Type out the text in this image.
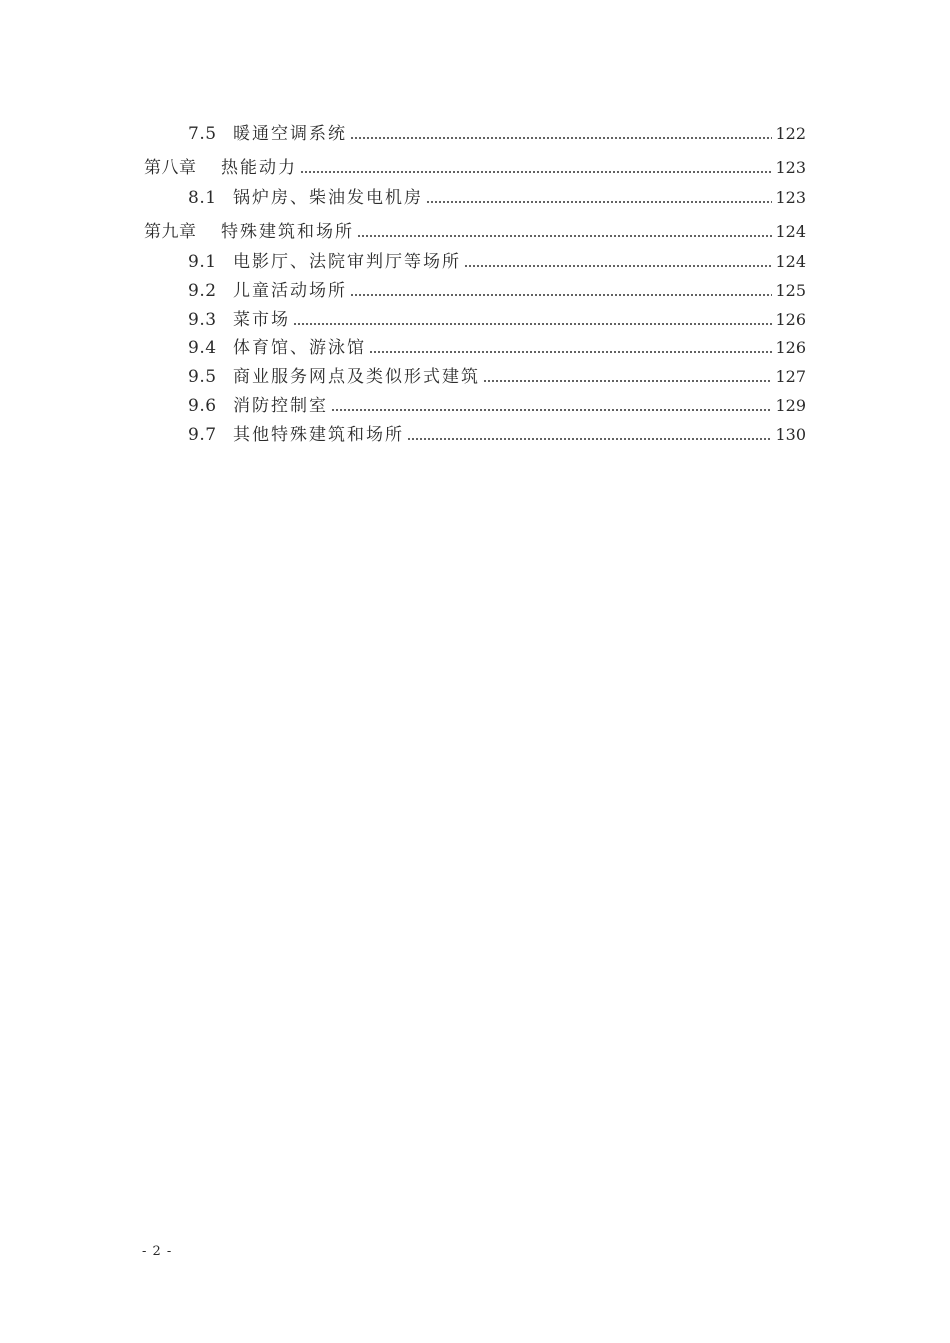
7.5 暖通空调系统	122
第八章	热能动力	123
8.1 锅炉房、柴油发电机房	123
第九章	特殊建筑和场所	124
9.1 电影厅、法院审判厅等场所	124
9.2 儿童活动场所	125
9.3 菜市场	126
9.4 体育馆、游泳馆	126
9.5 商业服务网点及类似形式建筑	127
9.6 消防控制室	129
9.7 其他特殊建筑和场所	130
- 2 -
